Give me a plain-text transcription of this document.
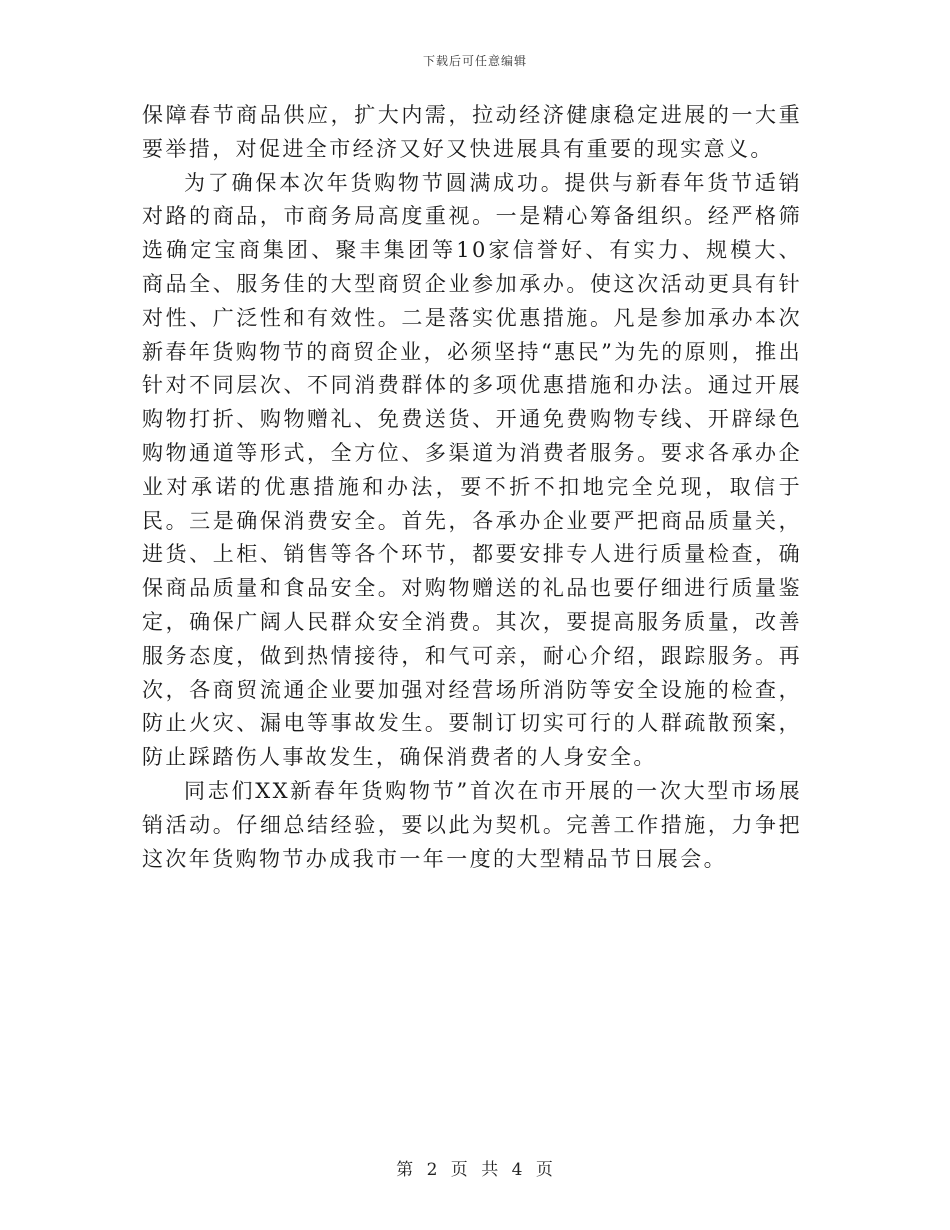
下载后可任意编辑

保障春节商品供应，扩大内需，拉动经济健康稳定进展的一大重要举措，对促进全市经济又好又快进展具有重要的现实意义。

为了确保本次年货购物节圆满成功。提供与新春年货节适销对路的商品，市商务局高度重视。一是精心筹备组织。经严格筛选确定宝商集团、聚丰集团等10家信誉好、有实力、规模大、商品全、服务佳的大型商贸企业参加承办。使这次活动更具有针对性、广泛性和有效性。二是落实优惠措施。凡是参加承办本次新春年货购物节的商贸企业，必须坚持“惠民”为先的原则，推出针对不同层次、不同消费群体的多项优惠措施和办法。通过开展购物打折、购物赠礼、免费送货、开通免费购物专线、开辟绿色购物通道等形式，全方位、多渠道为消费者服务。要求各承办企业对承诺的优惠措施和办法，要不折不扣地完全兑现，取信于民。三是确保消费安全。首先，各承办企业要严把商品质量关，进货、上柜、销售等各个环节，都要安排专人进行质量检查，确保商品质量和食品安全。对购物赠送的礼品也要仔细进行质量鉴定，确保广阔人民群众安全消费。其次，要提高服务质量，改善服务态度，做到热情接待，和气可亲，耐心介绍，跟踪服务。再次，各商贸流通企业要加强对经营场所消防等安全设施的检查，防止火灾、漏电等事故发生。要制订切实可行的人群疏散预案，防止踩踏伤人事故发生，确保消费者的人身安全。

同志们XX新春年货购物节”首次在市开展的一次大型市场展销活动。仔细总结经验，要以此为契机。完善工作措施，力争把这次年货购物节办成我市一年一度的大型精品节日展会。

第 2 页 共 4 页
